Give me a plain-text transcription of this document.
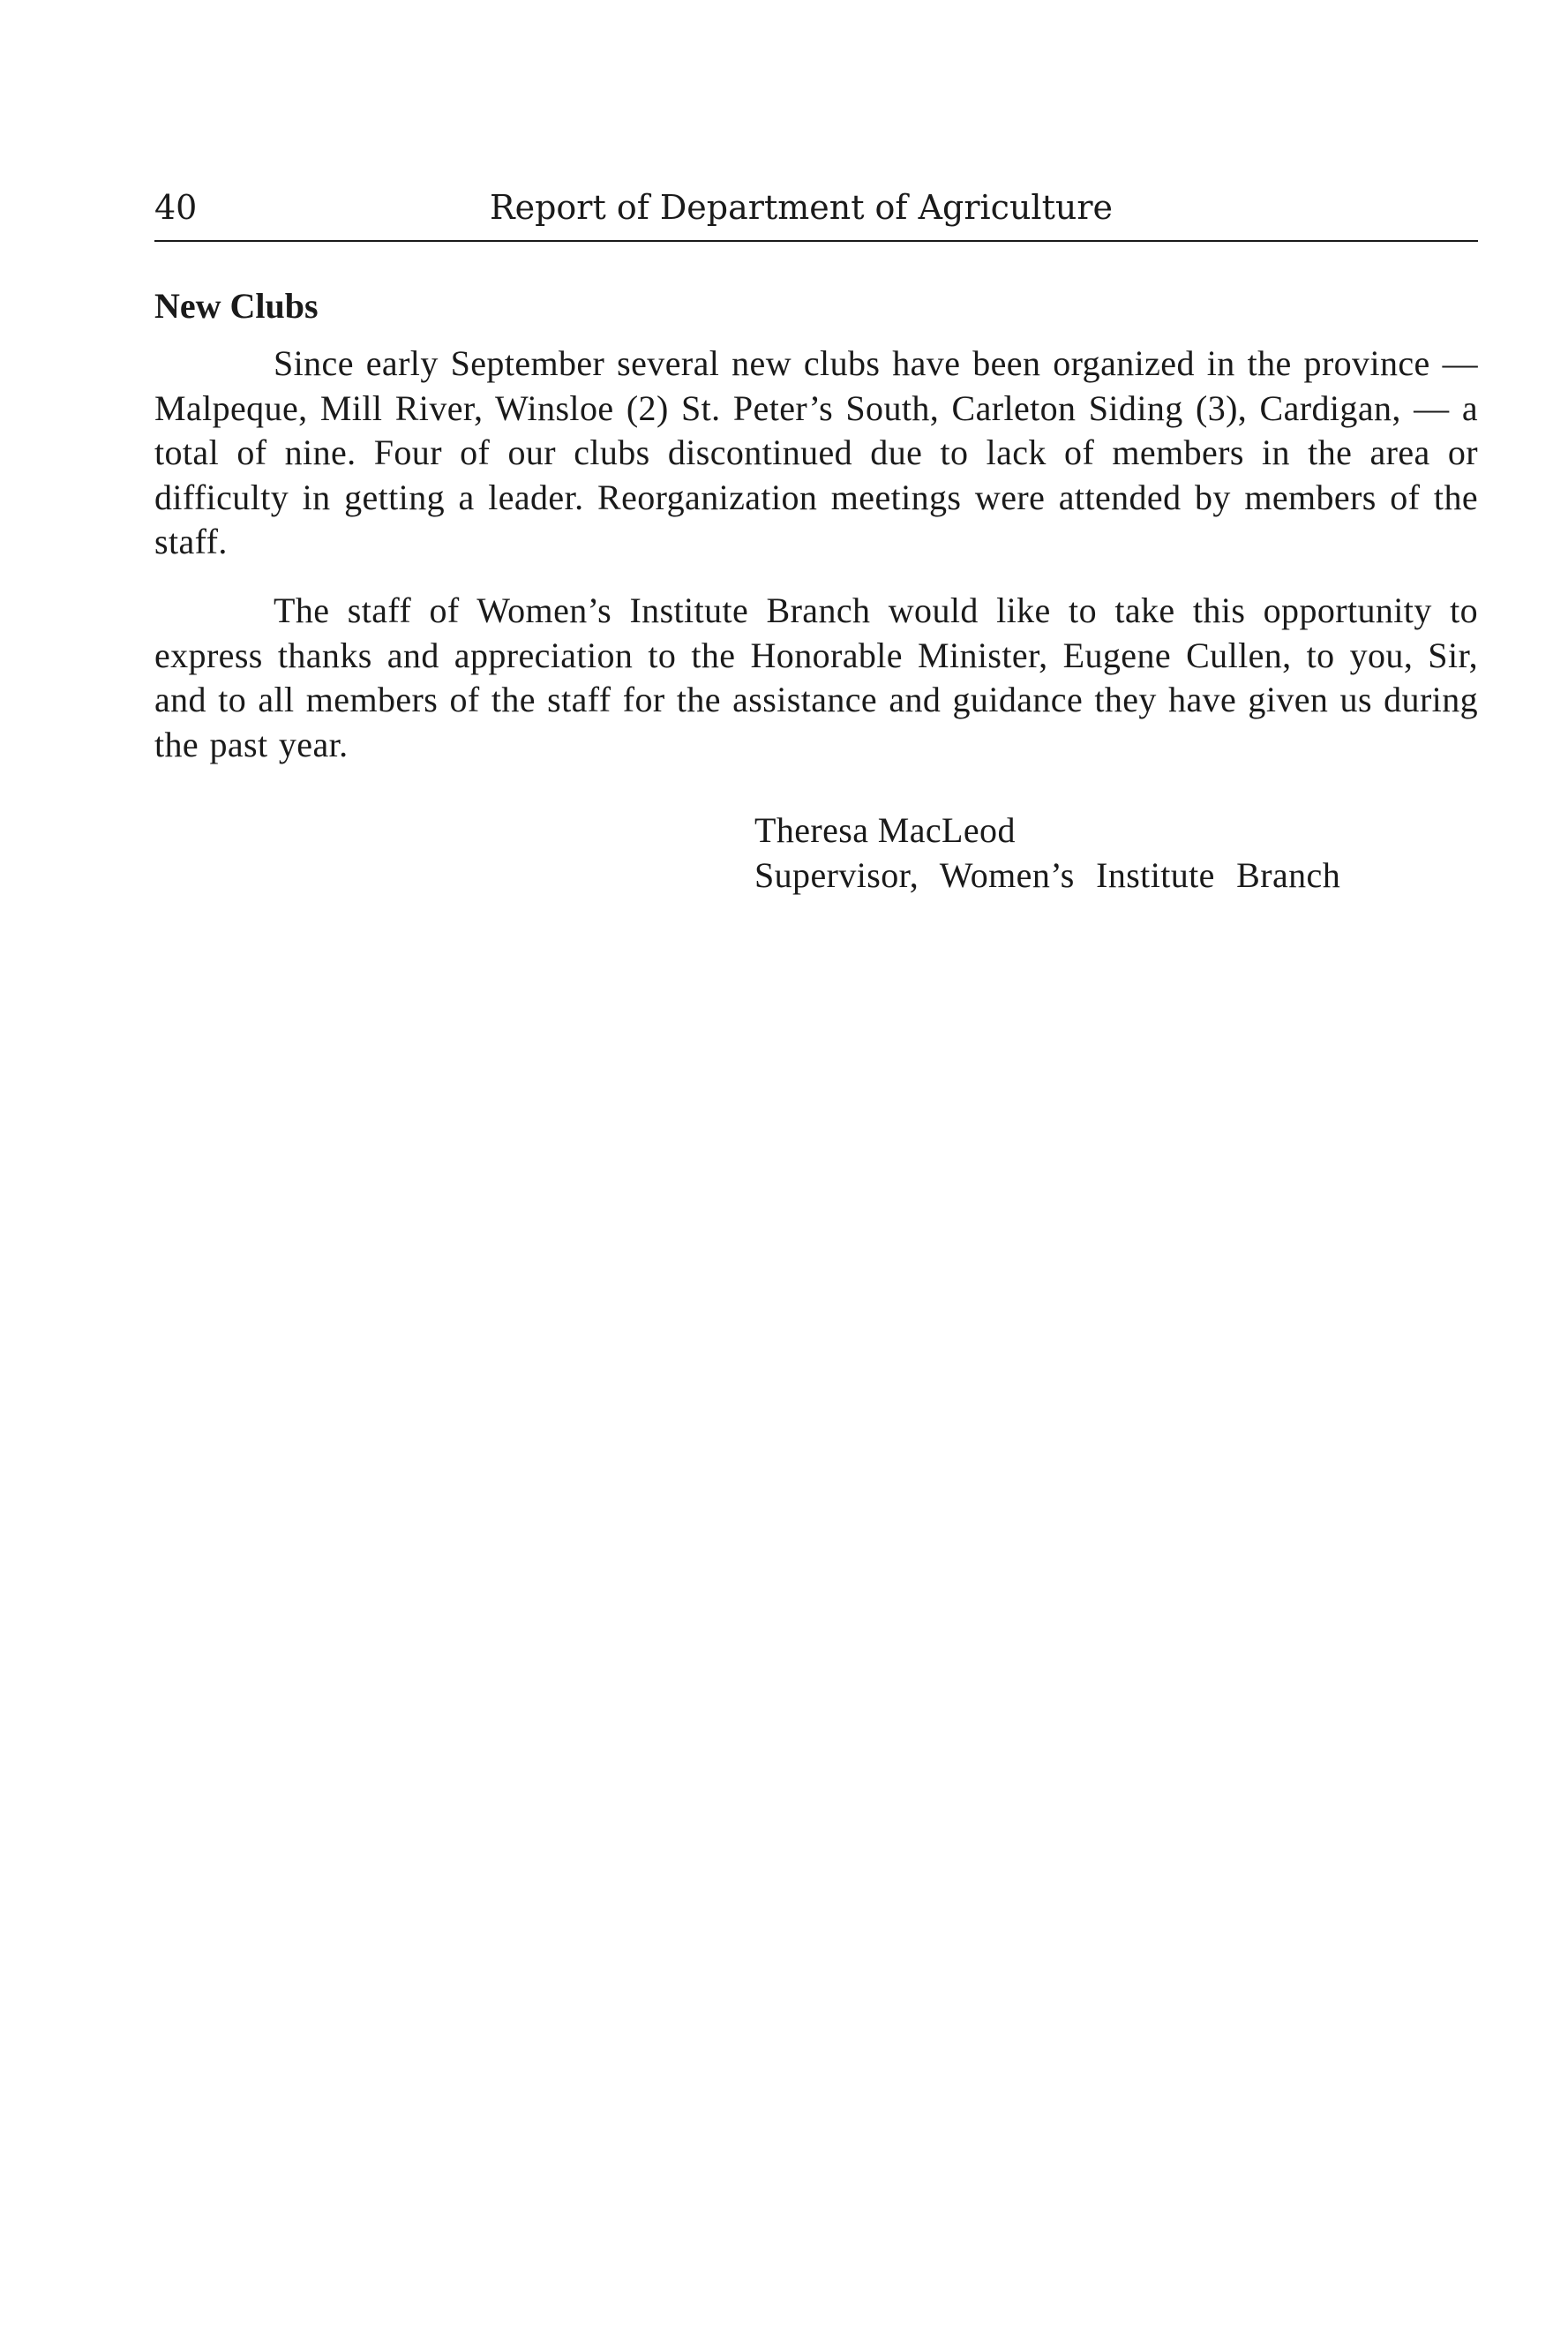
40	Report of Department of Agriculture
New Clubs

Since early September several new clubs have been organized in the province — Malpeque, Mill River, Winsloe (2) St. Peter’s South, Carleton Siding (3), Cardigan, — a total of nine. Four of our clubs discontinued due to lack of members in the area or difficulty in getting a leader. Reorganization meetings were attended by members of the staff.

The staff of Women’s Institute Branch would like to take this opportunity to express thanks and appreciation to the Honorable Minister, Eugene Cullen, to you, Sir, and to all members of the staff for the assistance and guidance they have given us during the past year.

Theresa MacLeod
Supervisor, Women’s Institute Branch
